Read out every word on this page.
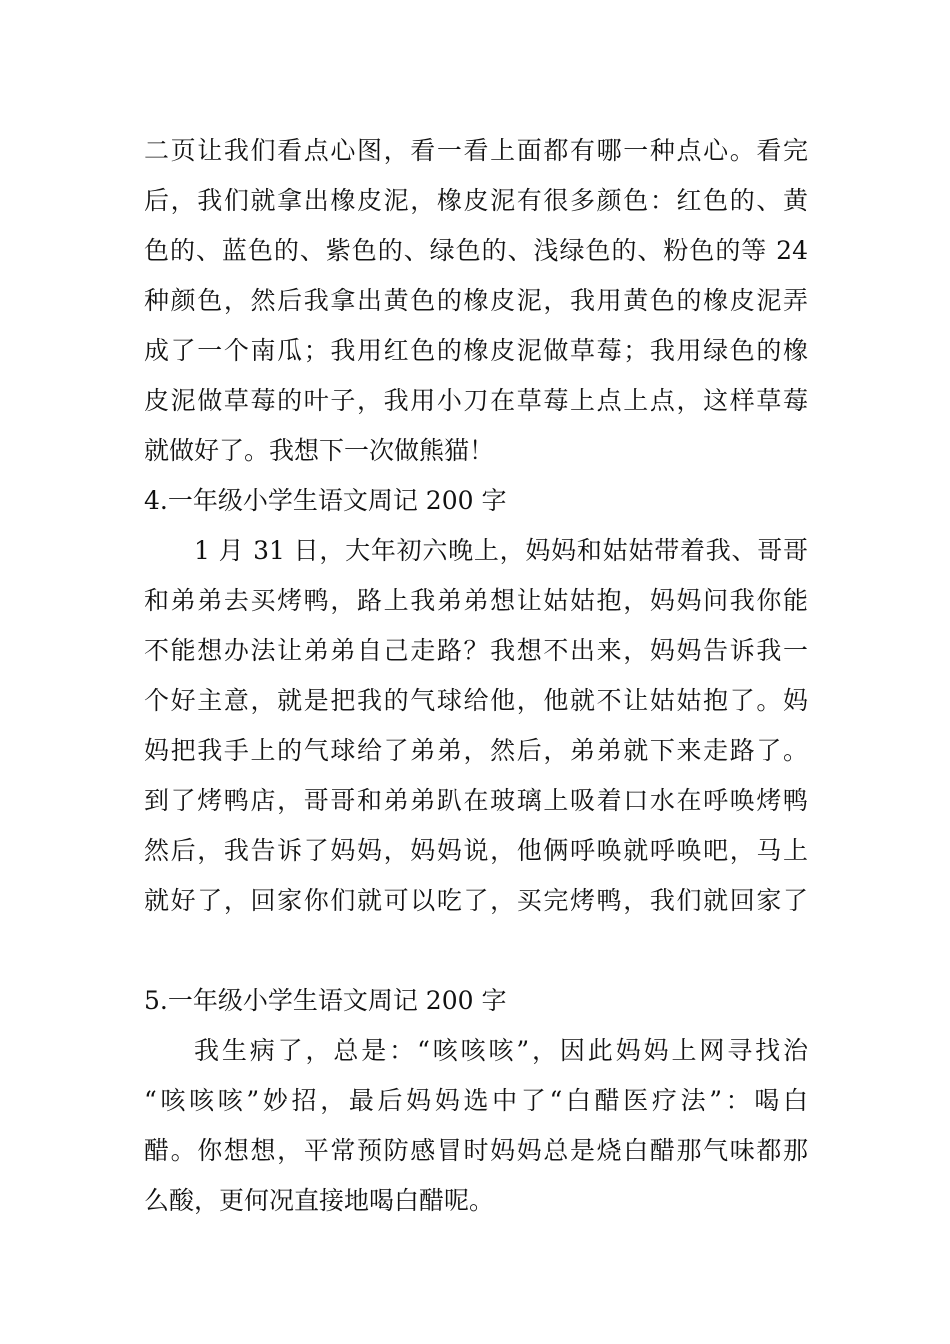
二页让我们看点心图，看一看上面都有哪一种点心。看完
后，我们就拿出橡皮泥，橡皮泥有很多颜色：红色的、黄
色的、蓝色的、紫色的、绿色的、浅绿色的、粉色的等 24
种颜色，然后我拿出黄色的橡皮泥，我用黄色的橡皮泥弄
成了一个南瓜；我用红色的橡皮泥做草莓；我用绿色的橡
皮泥做草莓的叶子，我用小刀在草莓上点上点，这样草莓
就做好了。我想下一次做熊猫！
4.一年级小学生语文周记 200 字
1 月 31 日，大年初六晚上，妈妈和姑姑带着我、哥哥
和弟弟去买烤鸭，路上我弟弟想让姑姑抱，妈妈问我你能
不能想办法让弟弟自己走路？我想不出来，妈妈告诉我一
个好主意，就是把我的气球给他，他就不让姑姑抱了。妈
妈把我手上的气球给了弟弟，然后，弟弟就下来走路了。
到了烤鸭店，哥哥和弟弟趴在玻璃上吸着口水在呼唤烤鸭
然后，我告诉了妈妈，妈妈说，他俩呼唤就呼唤吧，马上
就好了，回家你们就可以吃了，买完烤鸭，我们就回家了
5.一年级小学生语文周记 200 字
我生病了，总是：“咳咳咳”，因此妈妈上网寻找治
“咳咳咳”妙招，最后妈妈选中了“白醋医疗法”：喝白
醋。你想想，平常预防感冒时妈妈总是烧白醋那气味都那
么酸，更何况直接地喝白醋呢。
